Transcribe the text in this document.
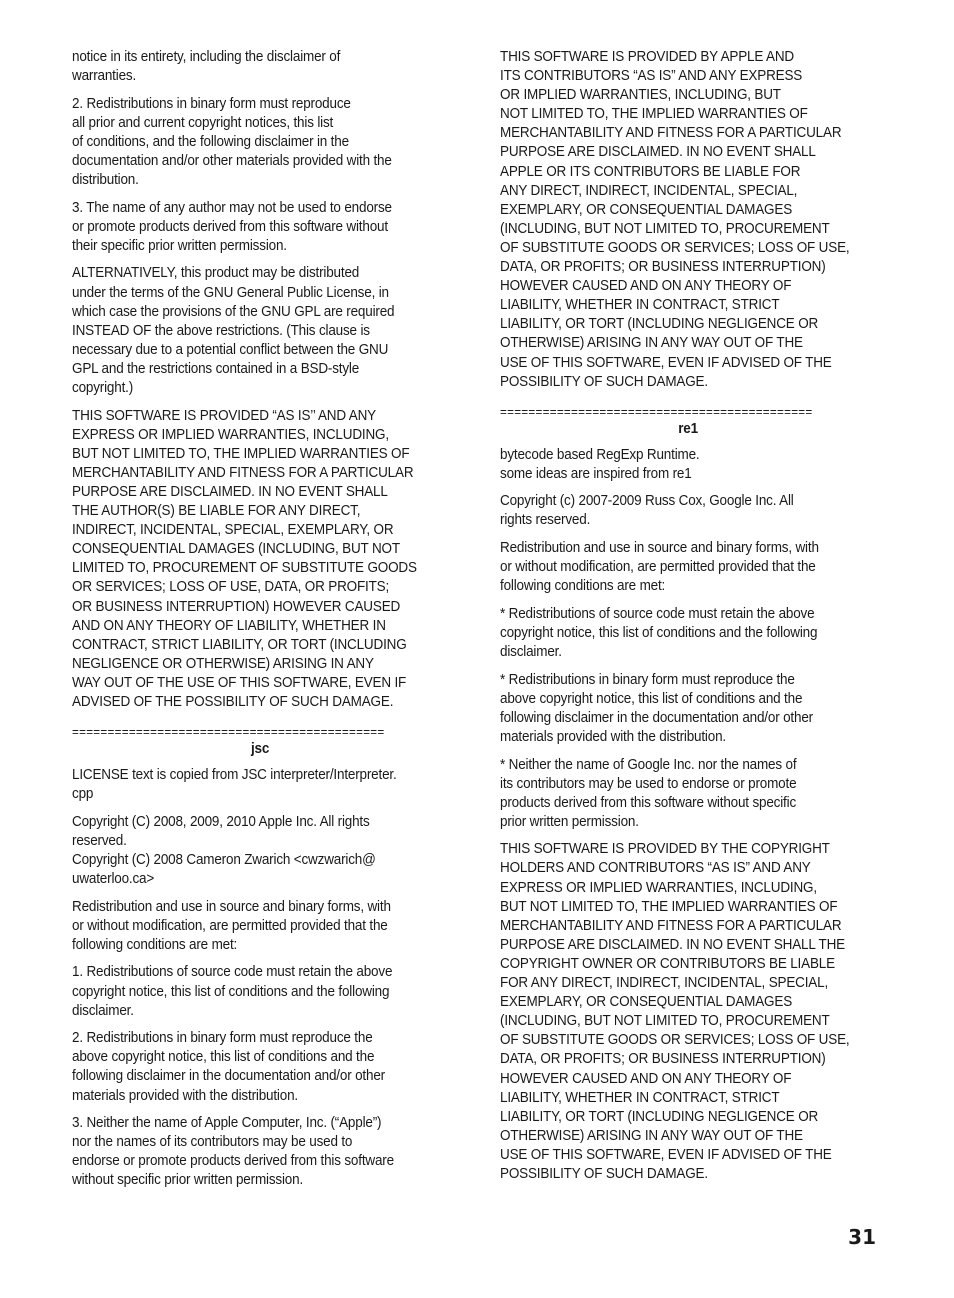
notice in its entirety, including the disclaimer of
warranties.

2. Redistributions in binary form must reproduce
all prior and current copyright notices, this list
of conditions, and the following disclaimer in the
documentation and/or other materials provided with the
distribution.

3. The name of any author may not be used to endorse
or promote products derived from this software without
their specific prior written permission.

ALTERNATIVELY, this product may be distributed
under the terms of the GNU General Public License, in
which case the provisions of the GNU GPL are required
INSTEAD OF the above restrictions. (This clause is
necessary due to a potential conflict between the GNU
GPL and the restrictions contained in a BSD-style
copyright.)

THIS SOFTWARE IS PROVIDED “AS IS’’ AND ANY
EXPRESS OR IMPLIED WARRANTIES, INCLUDING,
BUT NOT LIMITED TO, THE IMPLIED WARRANTIES OF
MERCHANTABILITY AND FITNESS FOR A PARTICULAR
PURPOSE ARE DISCLAIMED. IN NO EVENT SHALL
THE AUTHOR(S) BE LIABLE FOR ANY DIRECT,
INDIRECT, INCIDENTAL, SPECIAL, EXEMPLARY, OR
CONSEQUENTIAL DAMAGES (INCLUDING, BUT NOT
LIMITED TO, PROCUREMENT OF SUBSTITUTE GOODS
OR SERVICES; LOSS OF USE, DATA, OR PROFITS;
OR BUSINESS INTERRUPTION) HOWEVER CAUSED
AND ON ANY THEORY OF LIABILITY, WHETHER IN
CONTRACT, STRICT LIABILITY, OR TORT (INCLUDING
NEGLIGENCE OR OTHERWISE) ARISING IN ANY
WAY OUT OF THE USE OF THIS SOFTWARE, EVEN IF
ADVISED OF THE POSSIBILITY OF SUCH DAMAGE.

============================================
jsc

LICENSE text is copied from JSC interpreter/Interpreter.
cpp

Copyright (C) 2008, 2009, 2010 Apple Inc. All rights
reserved.
Copyright (C) 2008 Cameron Zwarich <cwzwarich@
uwaterloo.ca>

Redistribution and use in source and binary forms, with
or without modification, are permitted provided that the
following conditions are met:

1. Redistributions of source code must retain the above
copyright notice, this list of conditions and the following
disclaimer.

2. Redistributions in binary form must reproduce the
above copyright notice, this list of conditions and the
following disclaimer in the documentation and/or other
materials provided with the distribution.

3. Neither the name of Apple Computer, Inc. (“Apple”)
nor the names of its contributors may be used to
endorse or promote products derived from this software
without specific prior written permission.

THIS SOFTWARE IS PROVIDED BY APPLE AND
ITS CONTRIBUTORS “AS IS” AND ANY EXPRESS
OR IMPLIED WARRANTIES, INCLUDING, BUT
NOT LIMITED TO, THE IMPLIED WARRANTIES OF
MERCHANTABILITY AND FITNESS FOR A PARTICULAR
PURPOSE ARE DISCLAIMED. IN NO EVENT SHALL
APPLE OR ITS CONTRIBUTORS BE LIABLE FOR
ANY DIRECT, INDIRECT, INCIDENTAL, SPECIAL,
EXEMPLARY, OR CONSEQUENTIAL DAMAGES
(INCLUDING, BUT NOT LIMITED TO, PROCUREMENT
OF SUBSTITUTE GOODS OR SERVICES; LOSS OF USE,
DATA, OR PROFITS; OR BUSINESS INTERRUPTION)
HOWEVER CAUSED AND ON ANY THEORY OF
LIABILITY, WHETHER IN CONTRACT, STRICT
LIABILITY, OR TORT (INCLUDING NEGLIGENCE OR
OTHERWISE) ARISING IN ANY WAY OUT OF THE
USE OF THIS SOFTWARE, EVEN IF ADVISED OF THE
POSSIBILITY OF SUCH DAMAGE.

============================================
re1

bytecode based RegExp Runtime.
some ideas are inspired from re1

Copyright (c) 2007-2009 Russ Cox, Google Inc. All
rights reserved.

Redistribution and use in source and binary forms, with
or without modification, are permitted provided that the
following conditions are met:

* Redistributions of source code must retain the above
copyright notice, this list of conditions and the following
disclaimer.

* Redistributions in binary form must reproduce the
above copyright notice, this list of conditions and the
following disclaimer in the documentation and/or other
materials provided with the distribution.

* Neither the name of Google Inc. nor the names of
its contributors may be used to endorse or promote
products derived from this software without specific
prior written permission.

THIS SOFTWARE IS PROVIDED BY THE COPYRIGHT
HOLDERS AND CONTRIBUTORS “AS IS” AND ANY
EXPRESS OR IMPLIED WARRANTIES, INCLUDING,
BUT NOT LIMITED TO, THE IMPLIED WARRANTIES OF
MERCHANTABILITY AND FITNESS FOR A PARTICULAR
PURPOSE ARE DISCLAIMED. IN NO EVENT SHALL THE
COPYRIGHT OWNER OR CONTRIBUTORS BE LIABLE
FOR ANY DIRECT, INDIRECT, INCIDENTAL, SPECIAL,
EXEMPLARY, OR CONSEQUENTIAL DAMAGES
(INCLUDING, BUT NOT LIMITED TO, PROCUREMENT
OF SUBSTITUTE GOODS OR SERVICES; LOSS OF USE,
DATA, OR PROFITS; OR BUSINESS INTERRUPTION)
HOWEVER CAUSED AND ON ANY THEORY OF
LIABILITY, WHETHER IN CONTRACT, STRICT
LIABILITY, OR TORT (INCLUDING NEGLIGENCE OR
OTHERWISE) ARISING IN ANY WAY OUT OF THE
USE OF THIS SOFTWARE, EVEN IF ADVISED OF THE
POSSIBILITY OF SUCH DAMAGE.

31
